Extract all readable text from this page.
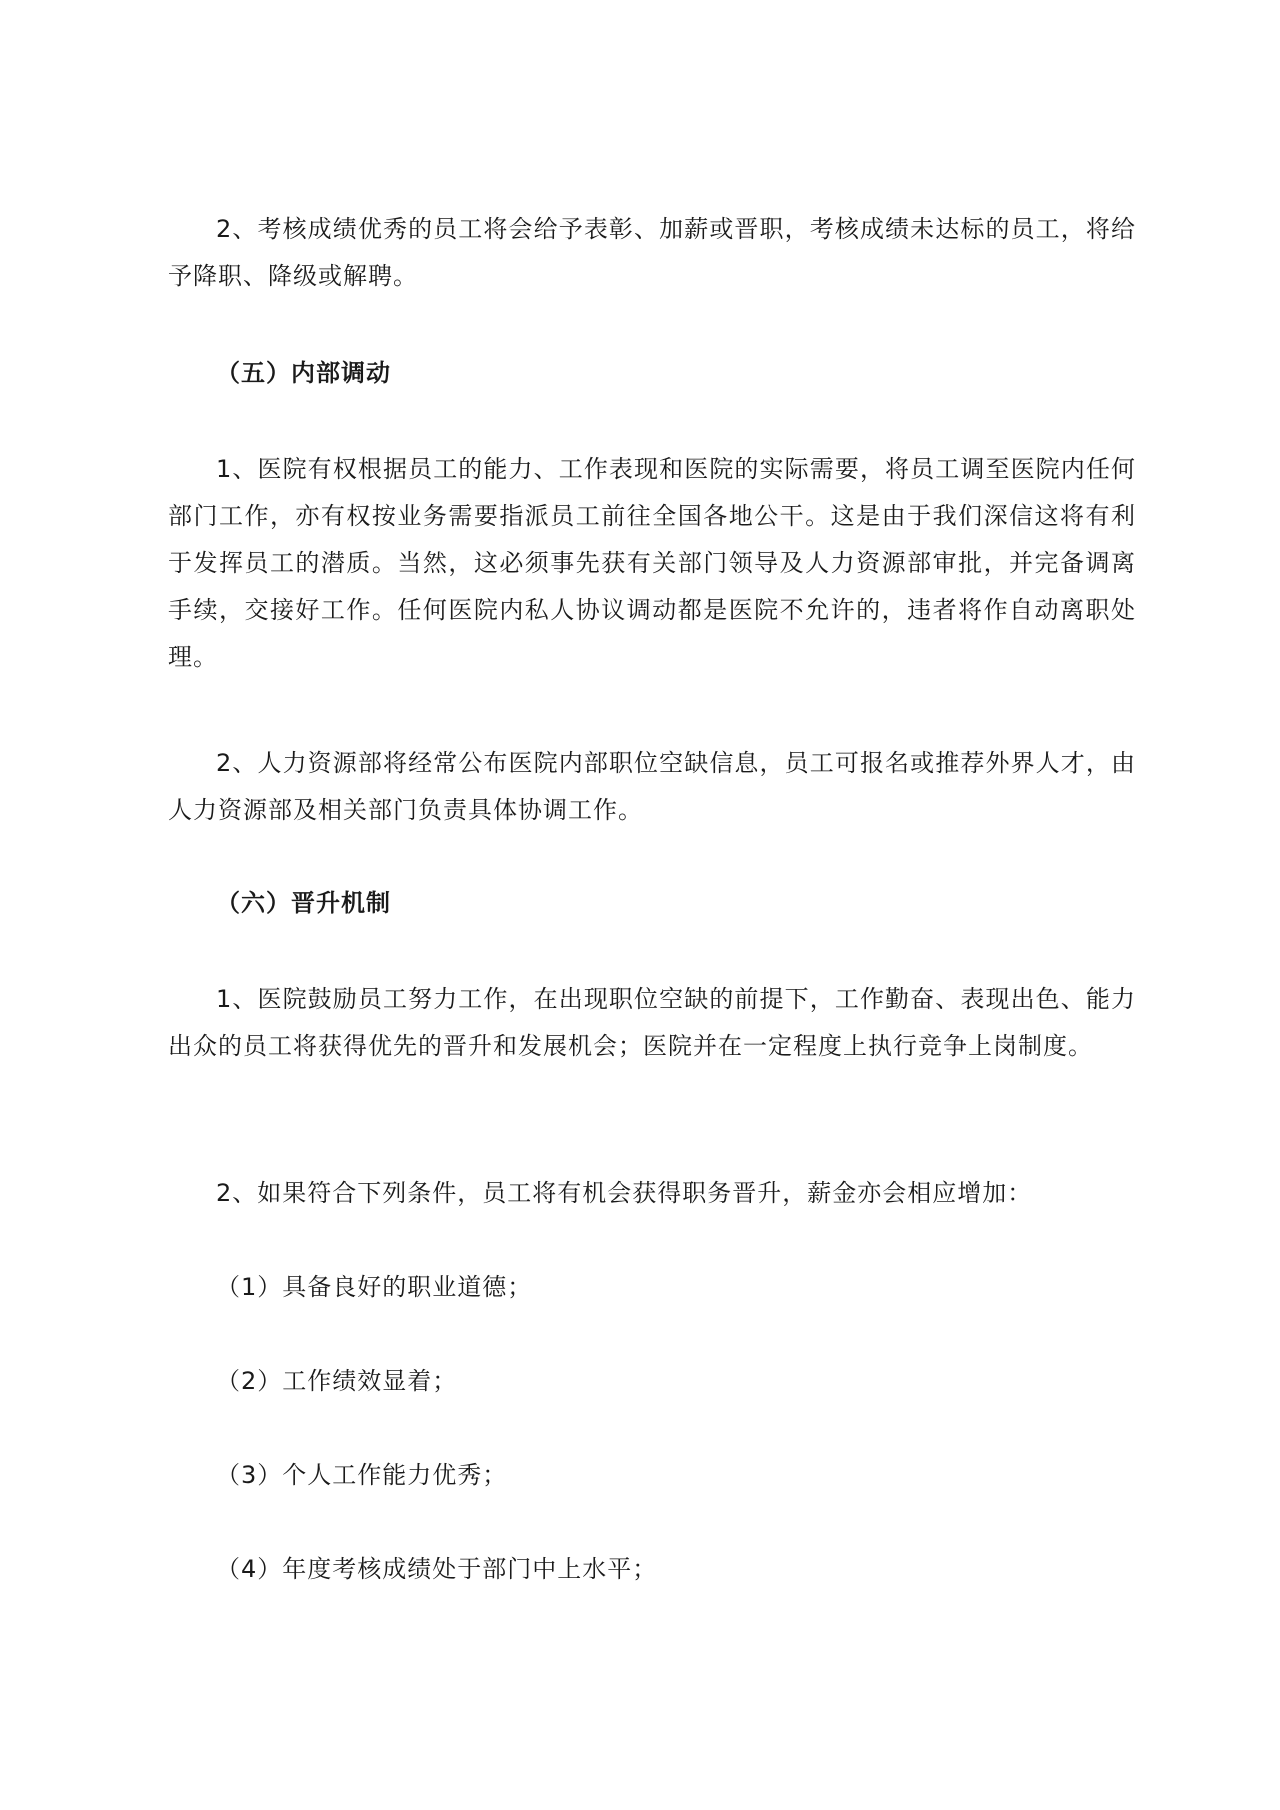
2、考核成绩优秀的员工将会给予表彰、加薪或晋职，考核成绩未达标的员工，将给予降职、降级或解聘。

（五）内部调动

1、医院有权根据员工的能力、工作表现和医院的实际需要，将员工调至医院内任何部门工作，亦有权按业务需要指派员工前往全国各地公干。这是由于我们深信这将有利于发挥员工的潜质。当然，这必须事先获有关部门领导及人力资源部审批，并完备调离手续，交接好工作。任何医院内私人协议调动都是医院不允许的，违者将作自动离职处理。

2、人力资源部将经常公布医院内部职位空缺信息，员工可报名或推荐外界人才，由人力资源部及相关部门负责具体协调工作。

（六）晋升机制

1、医院鼓励员工努力工作，在出现职位空缺的前提下，工作勤奋、表现出色、能力出众的员工将获得优先的晋升和发展机会；医院并在一定程度上执行竞争上岗制度。

2、如果符合下列条件，员工将有机会获得职务晋升，薪金亦会相应增加：

（1）具备良好的职业道德；

（2）工作绩效显着；

（3）个人工作能力优秀；

（4）年度考核成绩处于部门中上水平；
